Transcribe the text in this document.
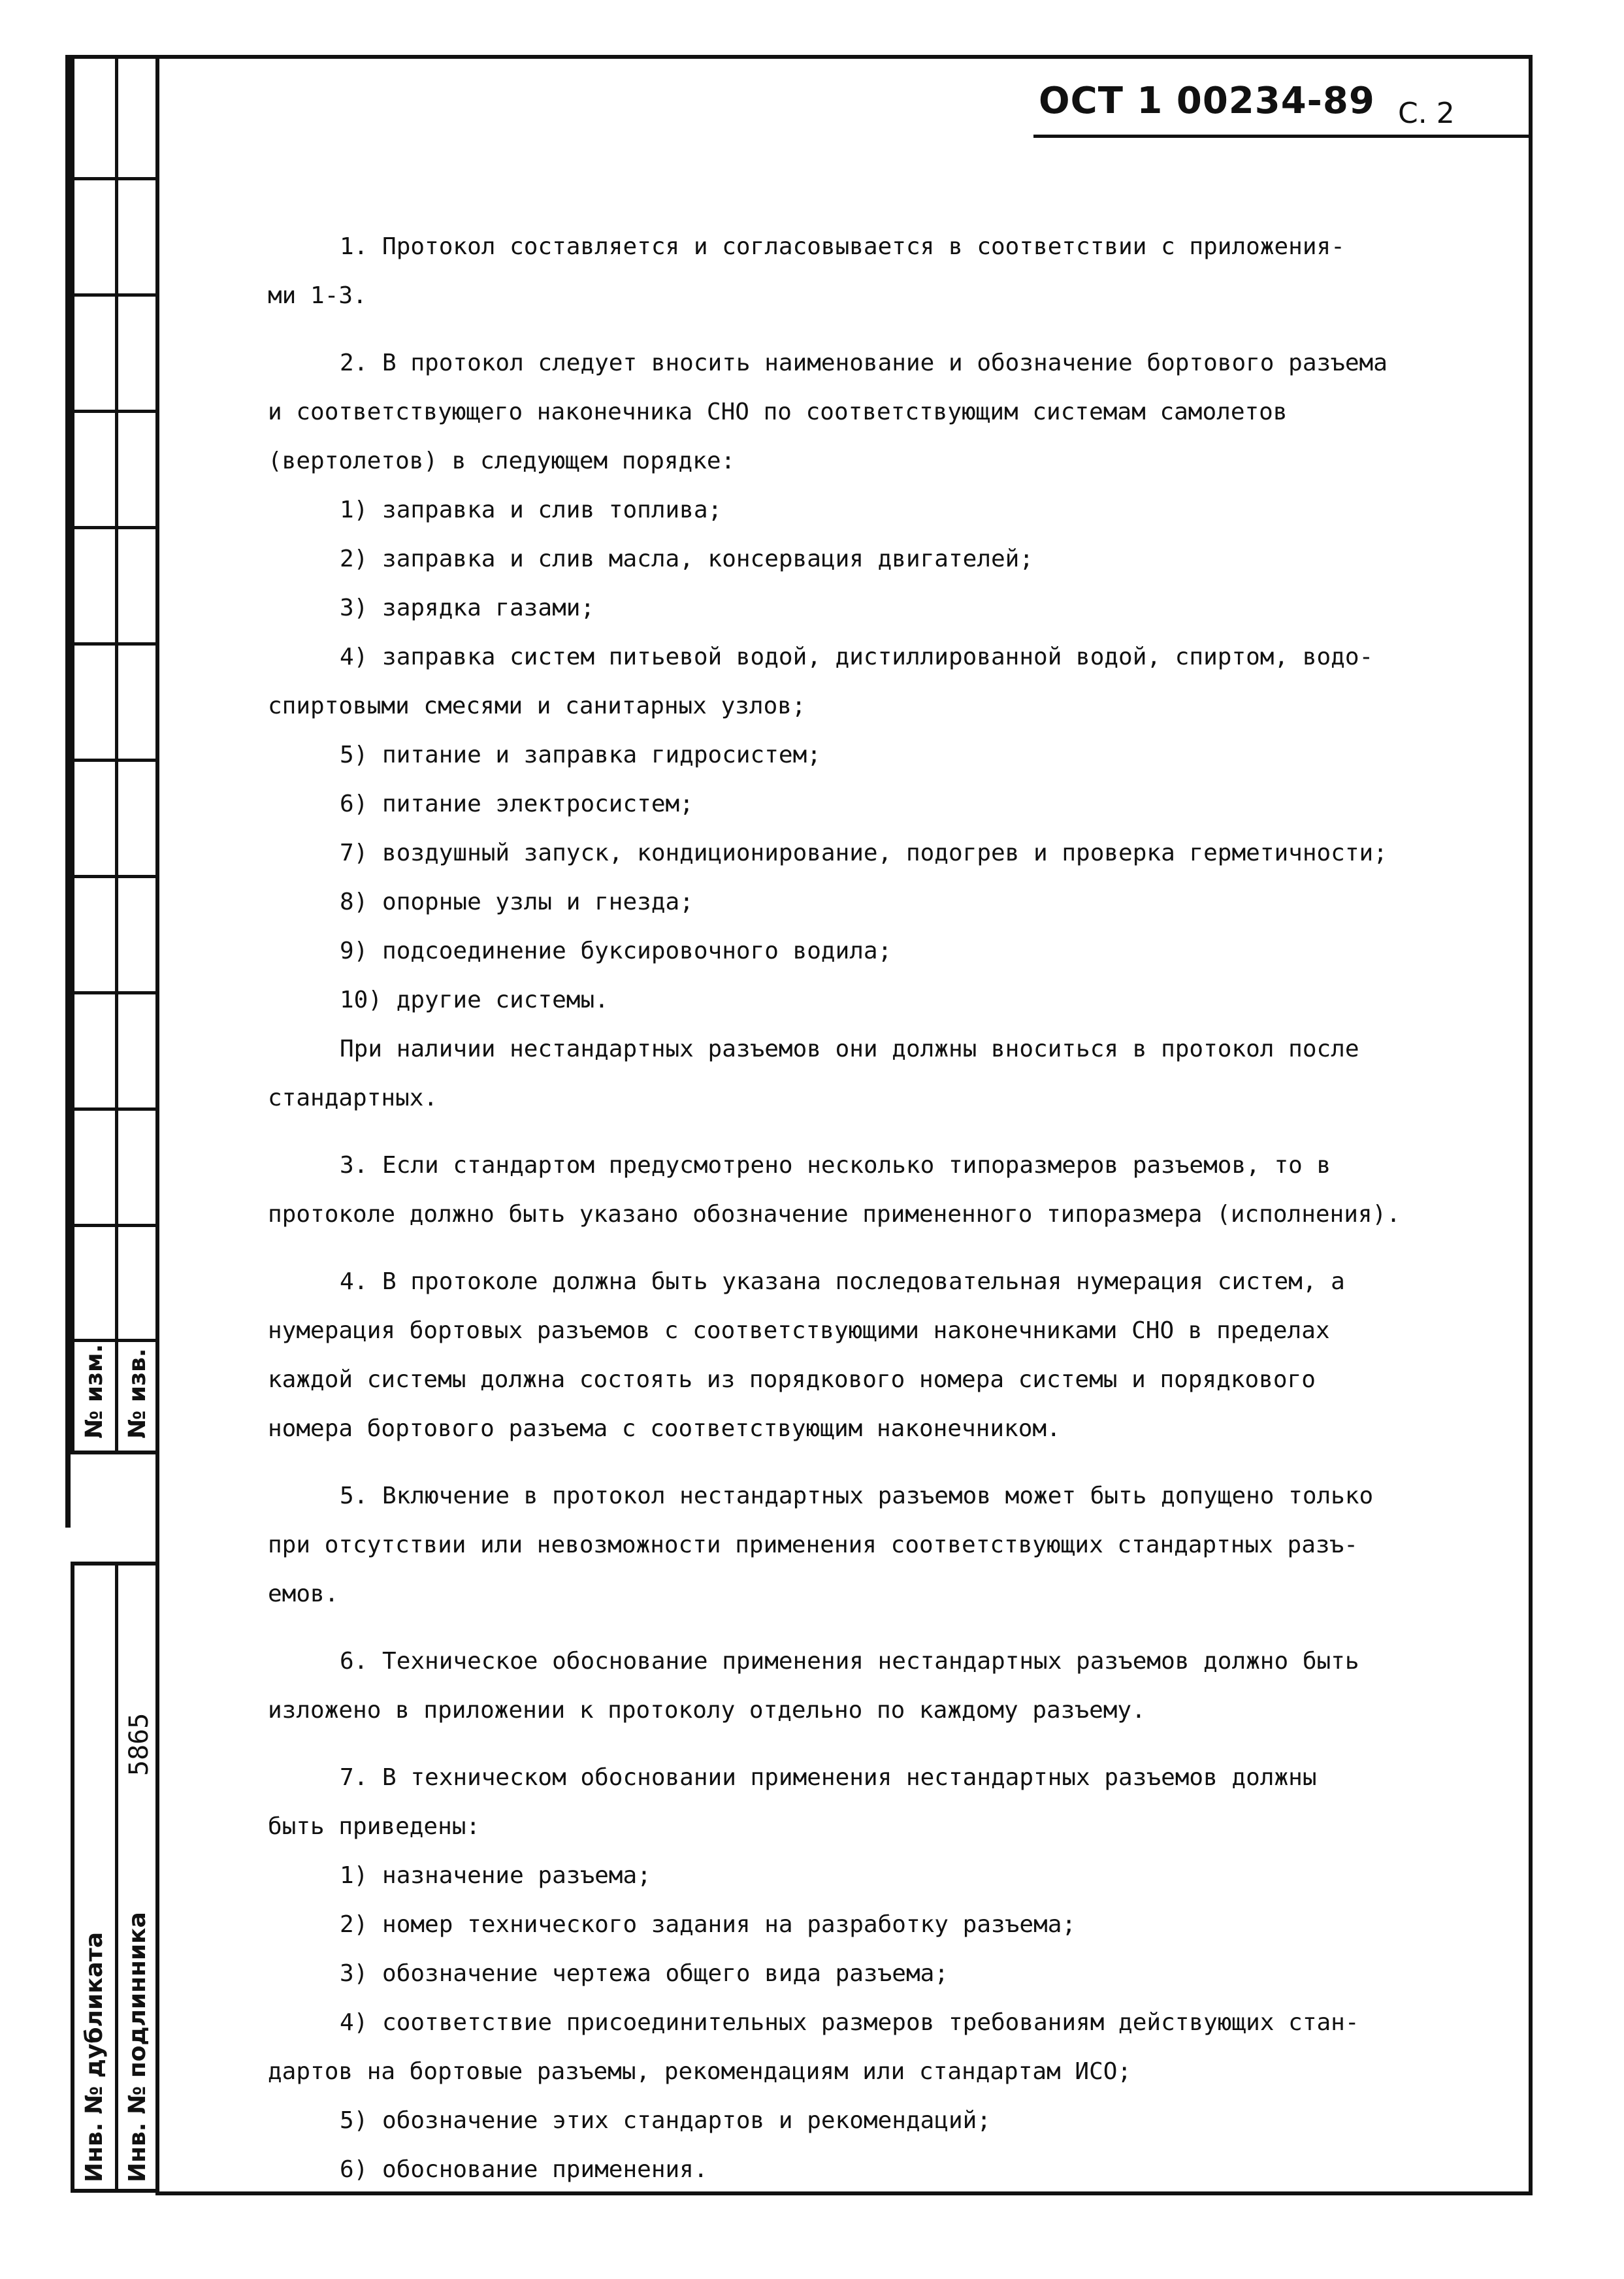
№ изм. № изв.
Инв. № дубликата Инв. № подлинника
5865
ОСТ 1 00234-89 С. 2

1. Протокол составляется и согласовывается в соответствии с приложения-

ми 1-3.

2. В протокол следует вносить наименование и обозначение бортового разъема

и соответствующего наконечника СНО по соответствующим системам самолетов

(вертолетов) в следующем порядке:

1) заправка и слив топлива;

2) заправка и слив масла, консервация двигателей;

3) зарядка газами;

4) заправка систем питьевой водой, дистиллированной водой, спиртом, водо-

спиртовыми смесями и санитарных узлов;

5) питание и заправка гидросистем;

6) питание электросистем;

7) воздушный запуск, кондиционирование, подогрев и проверка герметичности;

8) опорные узлы и гнезда;

9) подсоединение буксировочного водила;

10) другие системы.

При наличии нестандартных разъемов они должны вноситься в протокол после

стандартных.

3. Если стандартом предусмотрено несколько типоразмеров разъемов, то в

протоколе должно быть указано обозначение примененного типоразмера (исполнения).

4. В протоколе должна быть указана последовательная нумерация систем, а

нумерация бортовых разъемов с соответствующими наконечниками СНО в пределах

каждой системы должна состоять из порядкового номера системы и порядкового

номера бортового разъема с соответствующим наконечником.

5. Включение в протокол нестандартных разъемов может быть допущено только

при отсутствии или невозможности применения соответствующих стандартных разъ-

емов.

6. Техническое обоснование применения нестандартных разъемов должно быть

изложено в приложении к протоколу отдельно по каждому разъему.

7. В техническом обосновании применения нестандартных разъемов должны

быть приведены:

1) назначение разъема;

2) номер технического задания на разработку разъема;

3) обозначение чертежа общего вида разъема;

4) соответствие присоединительных размеров требованиям действующих стан-

дартов на бортовые разъемы, рекомендациям или стандартам ИСО;

5) обозначение этих стандартов и рекомендаций;

6) обоснование применения.
